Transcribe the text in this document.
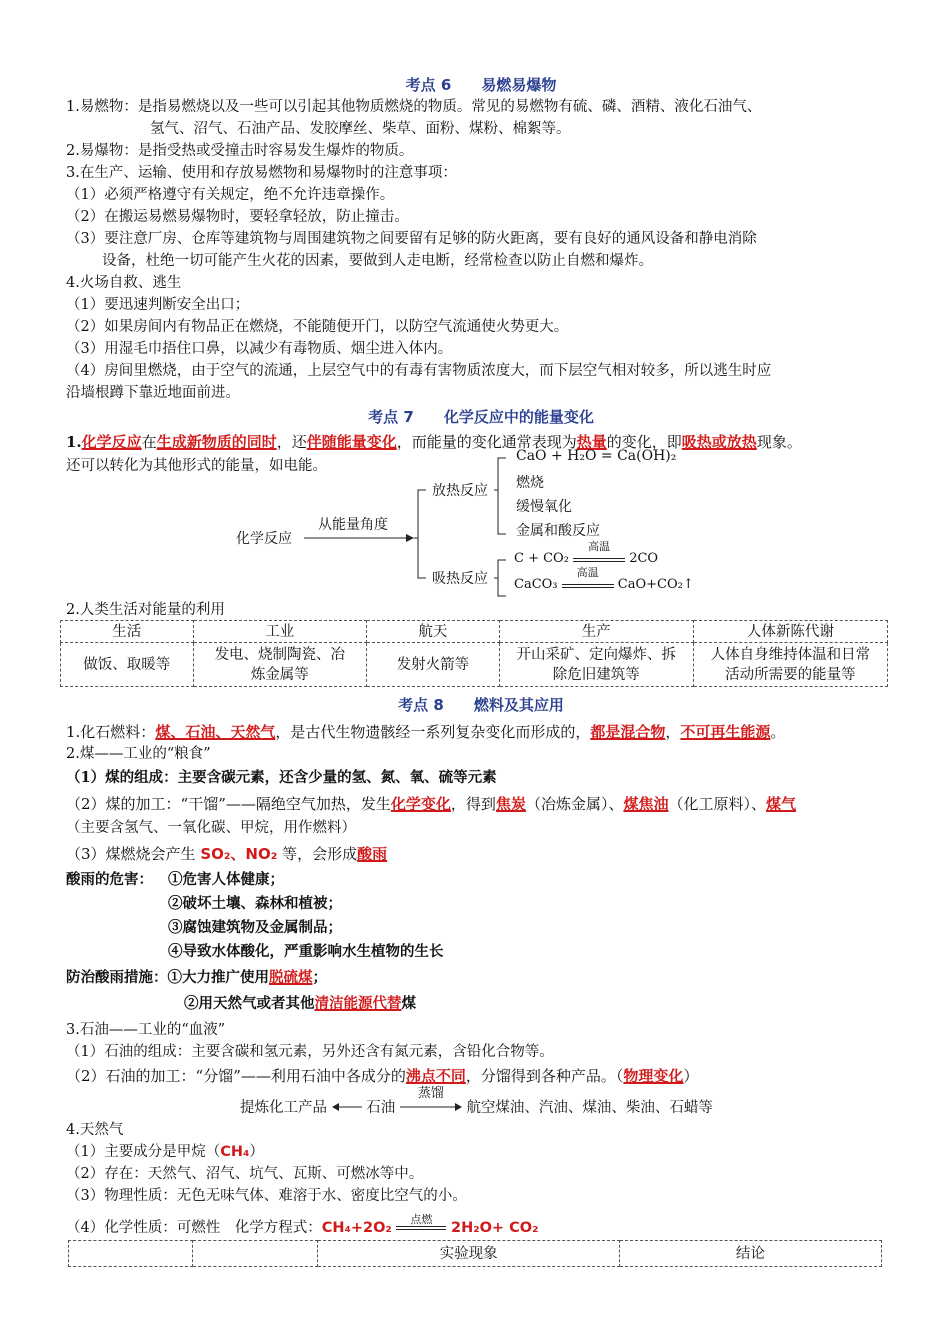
考点 6　　易燃易爆物
1.易燃物：是指易燃烧以及一些可以引起其他物质燃烧的物质。常见的易燃物有硫、磷、酒精、液化石油气、
氢气、沼气、石油产品、发胶摩丝、柴草、面粉、煤粉、棉絮等。
2.易爆物：是指受热或受撞击时容易发生爆炸的物质。
3.在生产、运输、使用和存放易燃物和易爆物时的注意事项：
（1）必须严格遵守有关规定，绝不允许违章操作。
（2）在搬运易燃易爆物时，要轻拿轻放，防止撞击。
（3）要注意厂房、仓库等建筑物与周围建筑物之间要留有足够的防火距离，要有良好的通风设备和静电消除
设备，杜绝一切可能产生火花的因素，要做到人走电断，经常检查以防止自燃和爆炸。
4.火场自救、逃生
（1）要迅速判断安全出口；
（2）如果房间内有物品正在燃烧，不能随便开门，以防空气流通使火势更大。
（3）用湿毛巾捂住口鼻，以减少有毒物质、烟尘进入体内。
（4）房间里燃烧，由于空气的流通，上层空气中的有毒有害物质浓度大，而下层空气相对较多，所以逃生时应
沿墙根蹲下靠近地面前进。
考点 7　　化学反应中的能量变化
1.化学反应在生成新物质的同时，还伴随能量变化，而能量的变化通常表现为热量的变化，即吸热或放热现象。
还可以转化为其他形式的能量，如电能。
化学反应
从能量角度
放热反应
CaO + H₂O = Ca(OH)₂
燃烧
缓慢氧化
金属和酸反应
吸热反应
C + CO₂
高温
2CO
CaCO₃
高温
CaO+CO₂↑
2.人类生活对能量的利用
生活	工业	航天	生产	人体新陈代谢
做饭、取暖等	发电、烧制陶瓷、冶炼金属等	发射火箭等	开山采矿、定向爆炸、拆除危旧建筑等	人体自身维持体温和日常活动所需要的能量等
考点 8　　燃料及其应用
1.化石燃料：煤、石油、天然气，是古代生物遗骸经一系列复杂变化而形成的，都是混合物，不可再生能源。
2.煤——工业的“粮食”
（1）煤的组成：主要含碳元素，还含少量的氢、氮、氧、硫等元素
（2）煤的加工：“干馏”——隔绝空气加热，发生化学变化，得到焦炭（冶炼金属）、煤焦油（化工原料）、煤气
（主要含氢气、一氧化碳、甲烷，用作燃料）
（3）煤燃烧会产生 SO₂、NO₂ 等，会形成酸雨
酸雨的危害： ①危害人体健康；
②破坏土壤、森林和植被；
③腐蚀建筑物及金属制品；
④导致水体酸化，严重影响水生植物的生长
防治酸雨措施：①大力推广使用脱硫煤；
②用天然气或者其他清洁能源代替煤
3.石油——工业的“血液”
（1）石油的组成：主要含碳和氢元素，另外还含有氮元素，含铅化合物等。
（2）石油的加工：“分馏”——利用石油中各成分的沸点不同，分馏得到各种产品。（物理变化）
提炼化工产品	石油
蒸馏
航空煤油、汽油、煤油、柴油、石蜡等
4.天然气
（1）主要成分是甲烷（CH₄）
（2）存在：天然气、沼气、坑气、瓦斯、可燃冰等中。
（3）物理性质：无色无味气体、难溶于水、密度比空气的小。
（4）化学性质：可燃性　化学方程式：CH₄+2O₂
点燃
2H₂O+ CO₂
		实验现象	结论
